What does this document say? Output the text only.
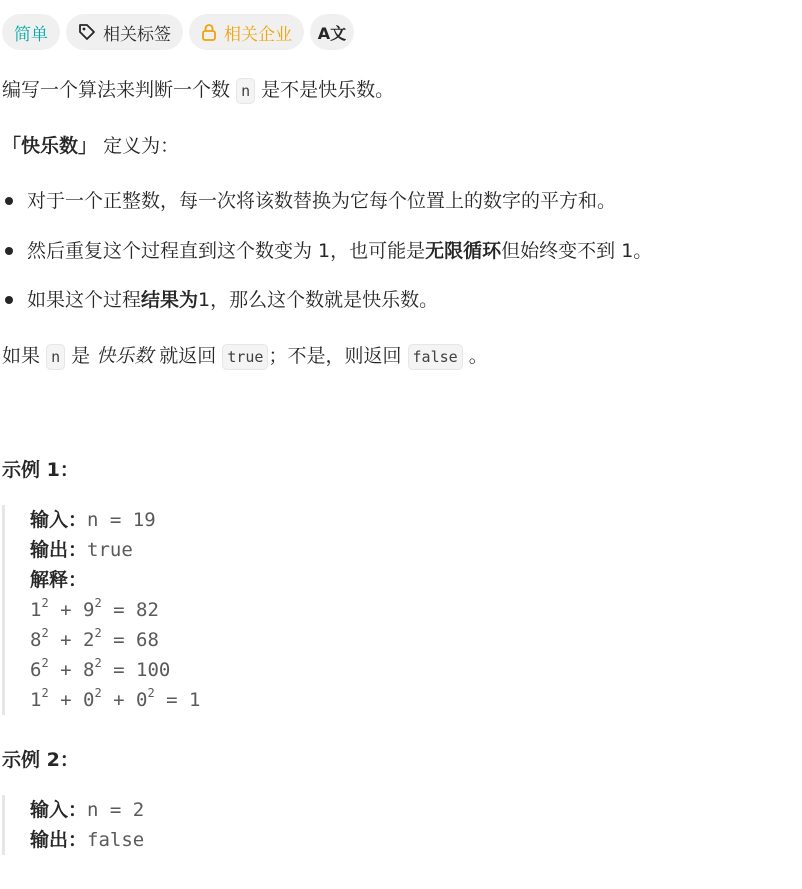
简单	相关标签	相关企业 A文
编写一个算法来判断一个数 n 是不是快乐数。
「快乐数」 定义为：
对于一个正整数，每一次将该数替换为它每个位置上的数字的平方和。
然后重复这个过程直到这个数变为 1，也可能是 无限循环 但始终变不到 1。
如果这个过程 结果为 1，那么这个数就是快乐数。
如果 n 是 快乐数 就返回 true ；不是，则返回 false 。
示例 1：
输入：n = 19
输出：true
解释：
$1^2 + 9^2 = 82$
$8^2 + 2^2 = 68$
$6^2 + 8^2 = 100$
$1^2 + 0^2 + 0^2 = 1$
示例 2：
输入：n = 2
输出：false
